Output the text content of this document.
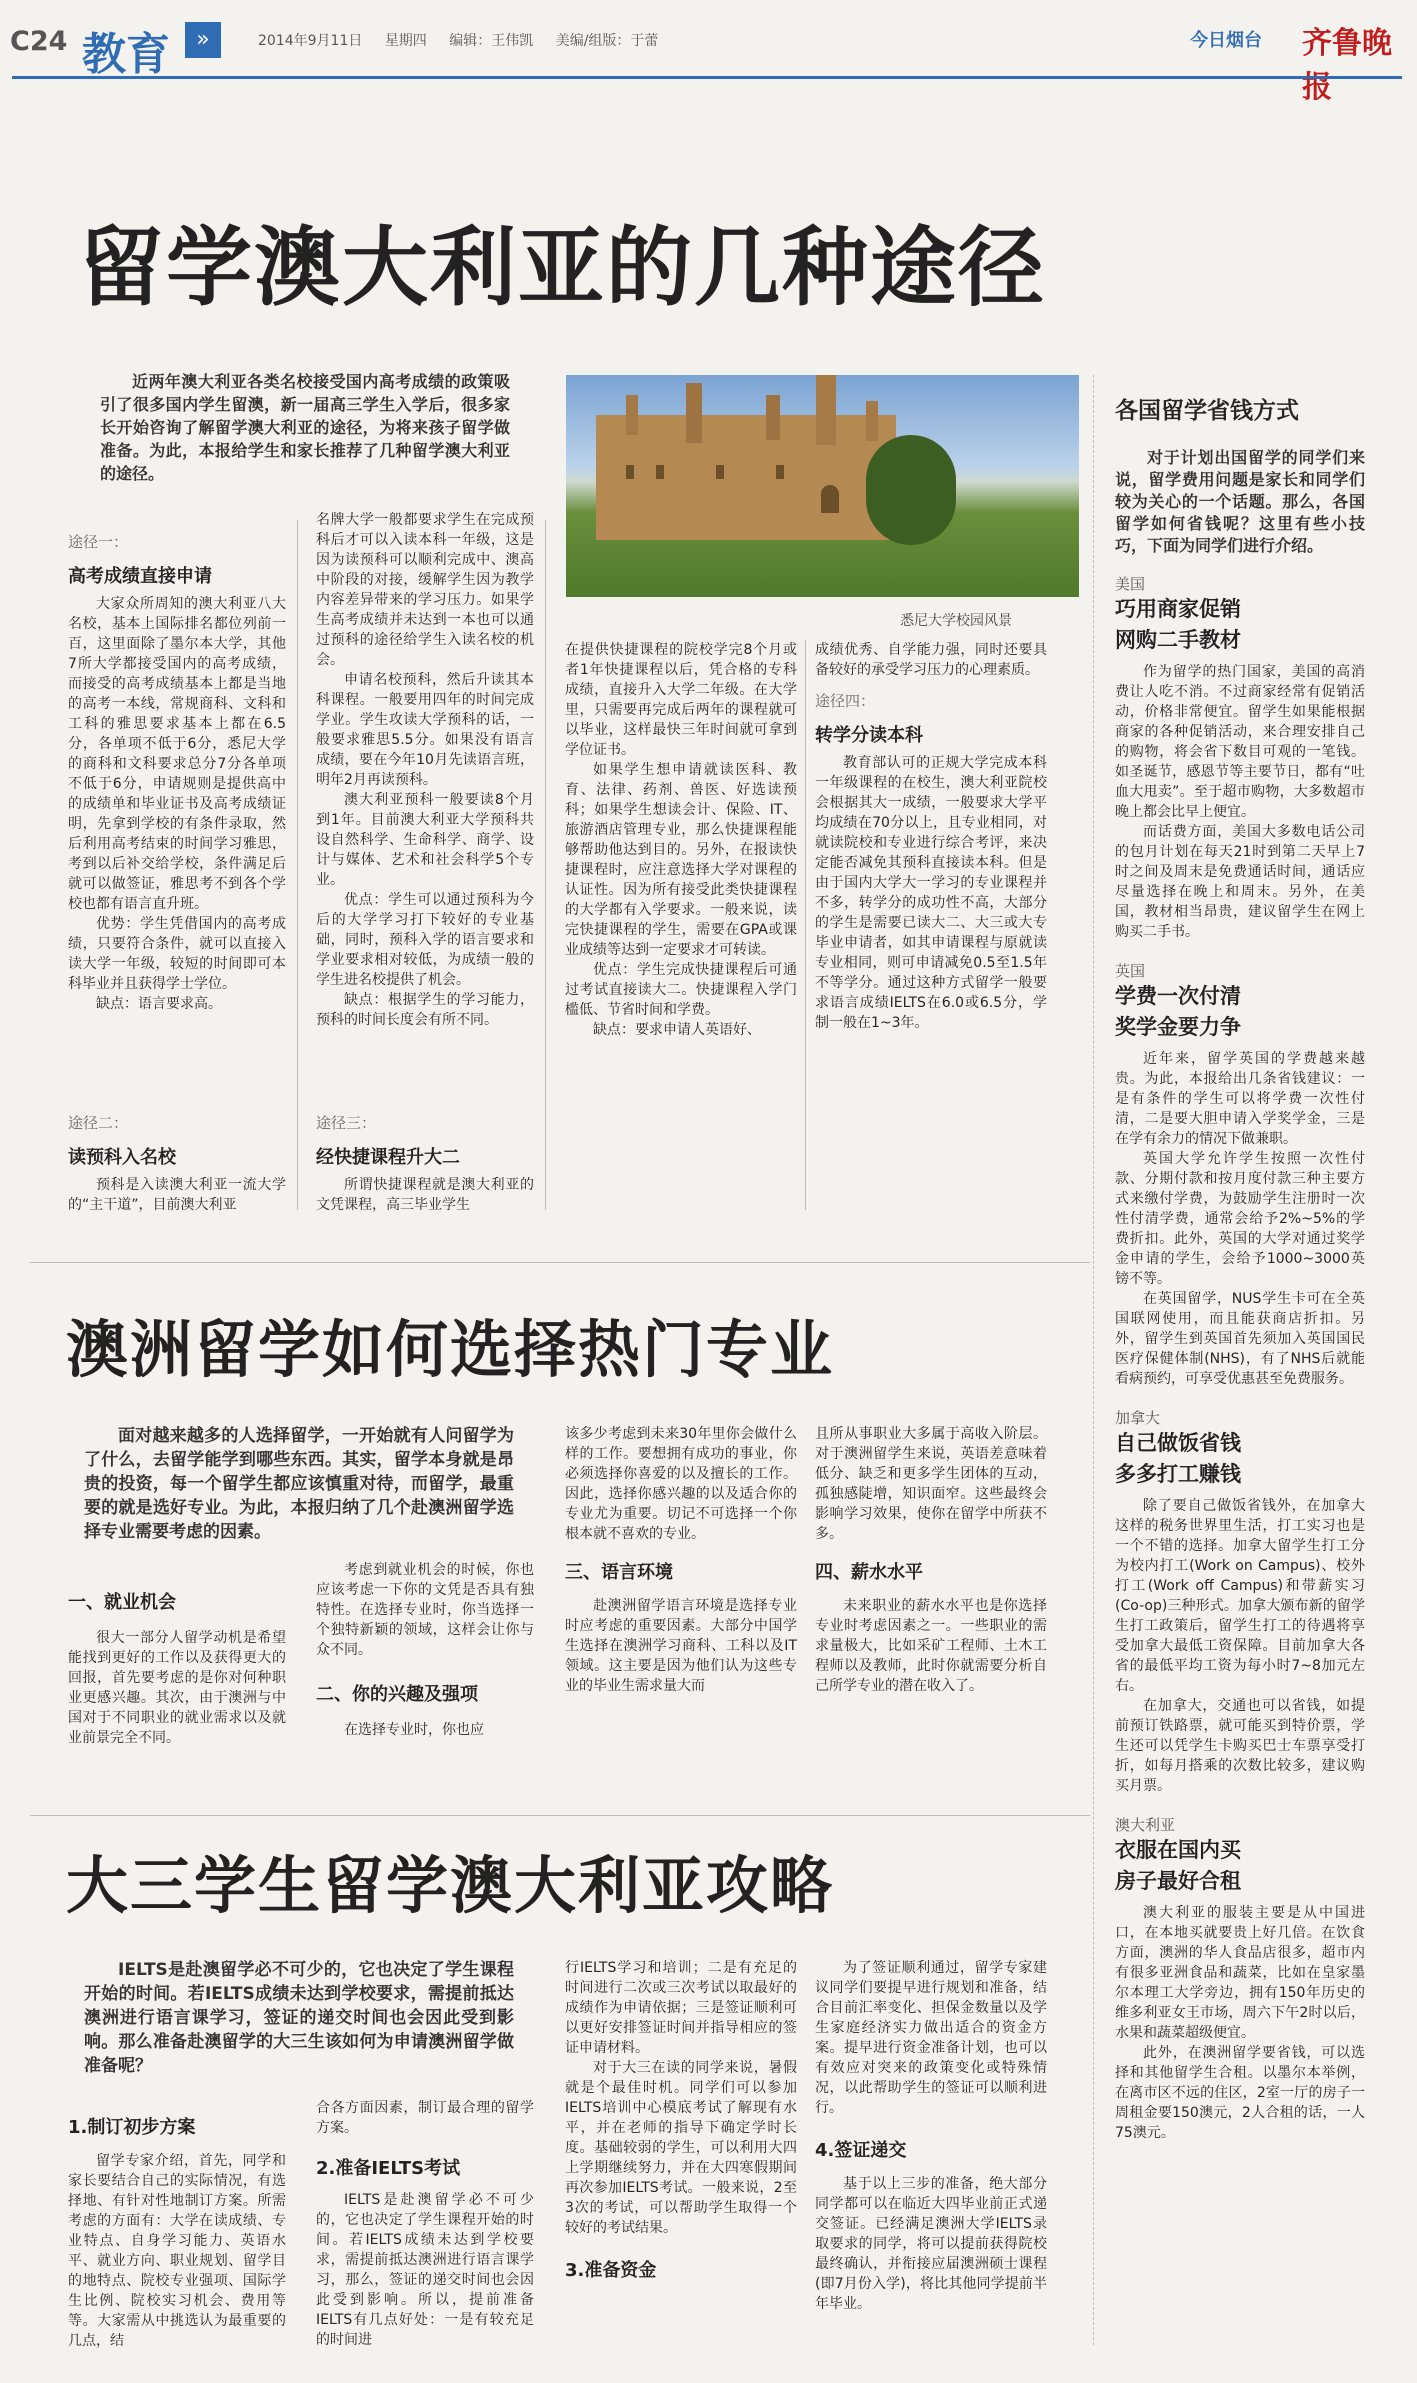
C24 教育	»	2014年9月11日 星期四 编辑：王伟凯 美编/组版：于蕾	今日烟台 齐鲁晚报
留学澳大利亚的几种途径

近两年澳大利亚各类名校接受国内高考成绩的政策吸引了很多国内学生留澳，新一届高三学生入学后，很多家长开始咨询了解留学澳大利亚的途径，为将来孩子留学做准备。为此，本报给学生和家长推荐了几种留学澳大利亚的途径。

悉尼大学校园风景
途径一：
高考成绩直接申请

大家众所周知的澳大利亚八大名校，基本上国际排名都位列前一百，这里面除了墨尔本大学，其他7所大学都接受国内的高考成绩，而接受的高考成绩基本上都是当地的高考一本线，常规商科、文科和工科的雅思要求基本上都在6.5分，各单项不低于6分，悉尼大学的商科和文科要求总分7分各单项不低于6分，申请规则是提供高中的成绩单和毕业证书及高考成绩证明，先拿到学校的有条件录取，然后利用高考结束的时间学习雅思，考到以后补交给学校，条件满足后就可以做签证，雅思考不到各个学校也都有语言直升班。

优势：学生凭借国内的高考成绩，只要符合条件，就可以直接入读大学一年级，较短的时间即可本科毕业并且获得学士学位。

缺点：语言要求高。

途径二：
读预科入名校

预科是入读澳大利亚一流大学的“主干道”，目前澳大利亚

名牌大学一般都要求学生在完成预科后才可以入读本科一年级，这是因为读预科可以顺利完成中、澳高中阶段的对接，缓解学生因为教学内容差异带来的学习压力。如果学生高考成绩并未达到一本也可以通过预科的途径给学生入读名校的机会。

申请名校预科，然后升读其本科课程。一般要用四年的时间完成学业。学生攻读大学预科的话，一般要求雅思5.5分。如果没有语言成绩，要在今年10月先读语言班，明年2月再读预科。

澳大利亚预科一般要读8个月到1年。目前澳大利亚大学预科共设自然科学、生命科学、商学、设计与媒体、艺术和社会科学5个专业。

优点：学生可以通过预科为今后的大学学习打下较好的专业基础，同时，预科入学的语言要求和学业要求相对较低，为成绩一般的学生进名校提供了机会。

缺点：根据学生的学习能力，预科的时间长度会有所不同。

途径三：
经快捷课程升大二

所谓快捷课程就是澳大利亚的文凭课程，高三毕业学生

在提供快捷课程的院校学完8个月或者1年快捷课程以后，凭合格的专科成绩，直接升入大学二年级。在大学里，只需要再完成后两年的课程就可以毕业，这样最快三年时间就可拿到学位证书。

如果学生想申请就读医科、教育、法律、药剂、兽医、好选读预科；如果学生想读会计、保险、IT、旅游酒店管理专业，那么快捷课程能够帮助他达到目的。另外，在报读快捷课程时，应注意选择大学对课程的认证性。因为所有接受此类快捷课程的大学都有入学要求。一般来说，读完快捷课程的学生，需要在GPA或课业成绩等达到一定要求才可转读。

优点：学生完成快捷课程后可通过考试直接读大二。快捷课程入学门槛低、节省时间和学费。

缺点：要求申请人英语好、

成绩优秀、自学能力强，同时还要具备较好的承受学习压力的心理素质。

途径四：
转学分读本科

教育部认可的正规大学完成本科一年级课程的在校生，澳大利亚院校会根据其大一成绩，一般要求大学平均成绩在70分以上，且专业相同，对就读院校和专业进行综合考评，来决定能否减免其预科直接读本科。但是由于国内大学大一学习的专业课程并不多，转学分的成功性不高，大部分的学生是需要已读大二、大三或大专毕业申请者，如其申请课程与原就读专业相同，则可申请减免0.5至1.5年不等学分。通过这种方式留学一般要求语言成绩IELTS在6.0或6.5分，学制一般在1~3年。

各国留学省钱方式

对于计划出国留学的同学们来说，留学费用问题是家长和同学们较为关心的一个话题。那么，各国留学如何省钱呢？这里有些小技巧，下面为同学们进行介绍。

美国
巧用商家促销
网购二手教材

作为留学的热门国家，美国的高消费让人吃不消。不过商家经常有促销活动，价格非常便宜。留学生如果能根据商家的各种促销活动，来合理安排自己的购物，将会省下数目可观的一笔钱。如圣诞节，感恩节等主要节日，都有“吐血大甩卖”。至于超市购物，大多数超市晚上都会比早上便宜。

而话费方面，美国大多数电话公司的包月计划在每天21时到第二天早上7时之间及周末是免费通话时间，通话应尽量选择在晚上和周末。另外，在美国，教材相当昂贵，建议留学生在网上购买二手书。

英国
学费一次付清
奖学金要力争

近年来，留学英国的学费越来越贵。为此，本报给出几条省钱建议：一是有条件的学生可以将学费一次性付清，二是要大胆申请入学奖学金，三是在学有余力的情况下做兼职。

英国大学允许学生按照一次性付款、分期付款和按月度付款三种主要方式来缴付学费，为鼓励学生注册时一次性付清学费，通常会给予2%~5%的学费折扣。此外，英国的大学对通过奖学金申请的学生，会给予1000~3000英镑不等。

在英国留学，NUS学生卡可在全英国联网使用，而且能获商店折扣。另外，留学生到英国首先须加入英国国民医疗保健体制(NHS)，有了NHS后就能看病预约，可享受优惠甚至免费服务。

加拿大
自己做饭省钱
多多打工赚钱

除了要自己做饭省钱外，在加拿大这样的税务世界里生活，打工实习也是一个不错的选择。加拿大留学生打工分为校内打工(Work on Campus)、校外打工(Work off Campus)和带薪实习(Co-op)三种形式。加拿大颁布新的留学生打工政策后，留学生打工的待遇将享受加拿大最低工资保障。目前加拿大各省的最低平均工资为每小时7~8加元左右。

在加拿大，交通也可以省钱，如提前预订铁路票，就可能买到特价票，学生还可以凭学生卡购买巴士车票享受打折，如每月搭乘的次数比较多，建议购买月票。

澳大利亚
衣服在国内买
房子最好合租

澳大利亚的服装主要是从中国进口，在本地买就要贵上好几倍。在饮食方面，澳洲的华人食品店很多，超市内有很多亚洲食品和蔬菜，比如在皇家墨尔本理工大学旁边，拥有150年历史的维多利亚女王市场，周六下午2时以后，水果和蔬菜超级便宜。

此外，在澳洲留学要省钱，可以选择和其他留学生合租。以墨尔本举例，在离市区不远的住区，2室一厅的房子一周租金要150澳元，2人合租的话，一人75澳元。

澳洲留学如何选择热门专业

面对越来越多的人选择留学，一开始就有人问留学为了什么，去留学能学到哪些东西。其实，留学本身就是昂贵的投资，每一个留学生都应该慎重对待，而留学，最重要的就是选好专业。为此，本报归纳了几个赴澳洲留学选择专业需要考虑的因素。

一、就业机会

很大一部分人留学动机是希望能找到更好的工作以及获得更大的回报，首先要考虑的是你对何种职业更感兴趣。其次，由于澳洲与中国对于不同职业的就业需求以及就业前景完全不同。

考虑到就业机会的时候，你也应该考虑一下你的文凭是否具有独特性。在选择专业时，你当选择一个独特新颖的领域，这样会让你与众不同。

二、你的兴趣及强项

在选择专业时，你也应

该多少考虑到未来30年里你会做什么样的工作。要想拥有成功的事业，你必须选择你喜爱的以及擅长的工作。因此，选择你感兴趣的以及适合你的专业尤为重要。切记不可选择一个你根本就不喜欢的专业。

三、语言环境

赴澳洲留学语言环境是选择专业时应考虑的重要因素。大部分中国学生选择在澳洲学习商科、工科以及IT领域。这主要是因为他们认为这些专业的毕业生需求量大而

且所从事职业大多属于高收入阶层。对于澳洲留学生来说，英语差意味着低分、缺乏和更多学生团体的互动，孤独感陡增，知识面窄。这些最终会影响学习效果，使你在留学中所获不多。

四、薪水水平

未来职业的薪水水平也是你选择专业时考虑因素之一。一些职业的需求量极大，比如采矿工程师、土木工程师以及教师，此时你就需要分析自己所学专业的潜在收入了。

大三学生留学澳大利亚攻略

IELTS是赴澳留学必不可少的，它也决定了学生课程开始的时间。若IELTS成绩未达到学校要求，需提前抵达澳洲进行语言课学习，签证的递交时间也会因此受到影响。那么准备赴澳留学的大三生该如何为申请澳洲留学做准备呢？

1.制订初步方案

留学专家介绍，首先，同学和家长要结合自己的实际情况，有选择地、有针对性地制订方案。所需考虑的方面有：大学在读成绩、专业特点、自身学习能力、英语水平、就业方向、职业规划、留学目的地特点、院校专业强项、国际学生比例、院校实习机会、费用等等。大家需从中挑选认为最重要的几点，结

合各方面因素，制订最合理的留学方案。

2.准备IELTS考试

IELTS是赴澳留学必不可少的，它也决定了学生课程开始的时间。若IELTS成绩未达到学校要求，需提前抵达澳洲进行语言课学习，那么，签证的递交时间也会因此受到影响。所以，提前准备IELTS有几点好处：一是有较充足的时间进

行IELTS学习和培训；二是有充足的时间进行二次或三次考试以取最好的成绩作为申请依据；三是签证顺利可以更好安排签证时间并指导相应的签证申请材料。

对于大三在读的同学来说，暑假就是个最佳时机。同学们可以参加IELTS培训中心模底考试了解现有水平，并在老师的指导下确定学时长度。基础较弱的学生，可以利用大四上学期继续努力，并在大四寒假期间再次参加IELTS考试。一般来说，2至3次的考试，可以帮助学生取得一个较好的考试结果。

3.准备资金

为了签证顺利通过，留学专家建议同学们要提早进行规划和准备，结合目前汇率变化、担保金数量以及学生家庭经济实力做出适合的资金方案。提早进行资金准备计划，也可以有效应对突来的政策变化或特殊情况，以此帮助学生的签证可以顺利进行。

4.签证递交

基于以上三步的准备，绝大部分同学都可以在临近大四毕业前正式递交签证。已经满足澳洲大学IELTS录取要求的同学，将可以提前获得院校最终确认，并衔接应届澳洲硕士课程(即7月份入学)，将比其他同学提前半年毕业。
